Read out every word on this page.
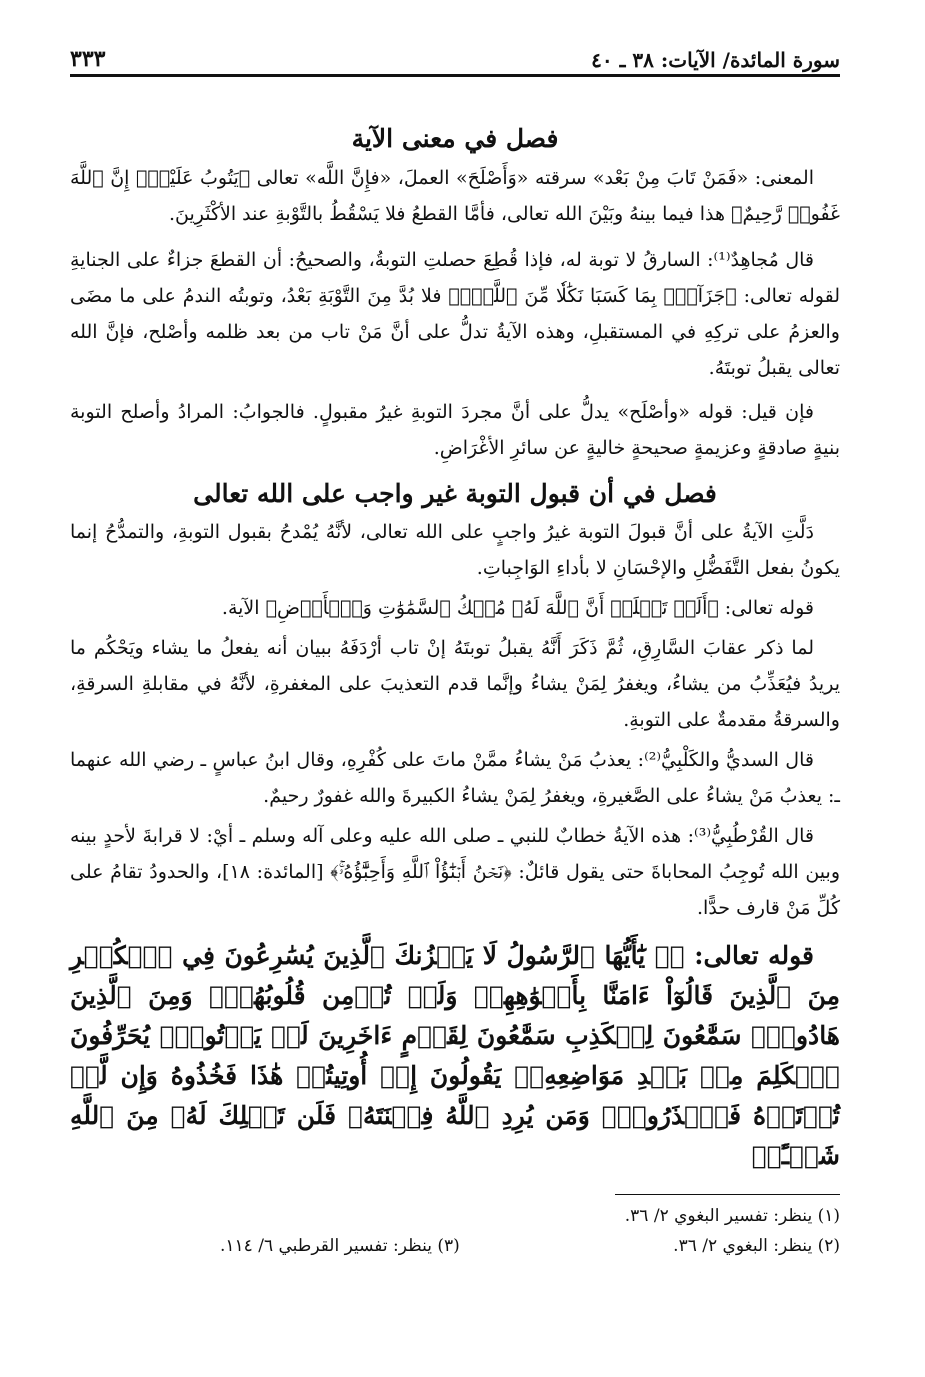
سورة المائدة/ الآيات: ٣٨ ـ ٤٠
٣٣٣
فصل في معنى الآية

المعنى: «فَمَنْ تَابَ مِنْ بَعْد» سرقته «وَأَصْلَحَ» العملَ، «فإِنَّ اللَّه» تعالى ﴿يَتُوبُ عَلَيْهِۗ إِنَّ ٱللَّهَ غَفُورٞ رَّحِيمٌ﴾ هذا فيما بينهُ وبَيْنَ الله تعالى، فأمَّا القطعُ فلا يَسْقُطُ بالتَّوْبةِ عند الأكْثَرِينَ.

قال مُجاهِدٌ⁽¹⁾: السارقُ لا توبة له، فإذا قُطِعَ حصلتِ التوبةُ، والصحيحُ: أن القطعَ جزاءٌ على الجنايةِ لقوله تعالى: ﴿جَزَآءَۢ بِمَا كَسَبَا نَكَٰلٗا مِّنَ ٱللَّهِۗ﴾ فلا بُدَّ مِنَ التَّوْبَةِ بَعْدُ، وتوبتُه الندمُ على ما مضَى والعزمُ على تركِهِ في المستقبلِ، وهذه الآيةُ تدلُّ على أنَّ مَنْ تاب من بعد ظلمه وأصْلح، فإنَّ الله تعالى يقبلُ توبتَهُ.

فإن قيل: قوله «وأصْلَح» يدلُّ على أنَّ مجردَ التوبةِ غيرُ مقبولٍ. فالجوابُ: المرادُ وأصلح التوبة بنيةٍ صادقةٍ وعزيمةٍ صحيحةٍ خاليةٍ عن سائرِ الأغْرَاضِ.

فصل في أن قبول التوبة غير واجب على الله تعالى

دَلَّتِ الآيةُ على أنَّ قبولَ التوبة غيرُ واجبٍ على الله تعالى، لأنَّهُ يُمْدحُ بقبول التوبةِ، والتمدُّحُ إنما يكونُ بفعل التَّفَضُّلِ والإحْسَانِ لا بأداءِ الوَاجِباتِ.

قوله تعالى: ﴿أَلَمۡ تَعۡلَمۡ أَنَّ ٱللَّهَ لَهُۥ مُلۡكُ ٱلسَّمَٰوَٰتِ وَٱلۡأَرۡضِ﴾ الآية.

لما ذكر عقابَ السَّارِقِ، ثُمَّ ذَكَرَ أَنَّهُ يقبلُ توبتَهُ إنْ تاب أرْدَفَهُ ببيان أنه يفعلُ ما يشاء ويَحْكُم ما يريدُ فيُعَذِّبُ من يشاءُ، ويغفرُ لِمَنْ يشاءُ وإنَّما قدم التعذيبَ على المغفرةِ، لأنَّهُ في مقابلةِ السرقةِ، والسرقةُ مقدمةٌ على التوبةِ.

قال السديُّ والكَلْبِيُّ⁽²⁾: يعذبُ مَنْ يشاءُ ممَّنْ ماتَ على كُفْرِهِ، وقال ابنُ عباسٍ ـ رضي الله عنهما ـ: يعذبُ مَنْ يشاءُ على الصَّغيرةِ، ويغفرُ لِمَنْ يشاءُ الكبيرةَ والله غفورٌ رحيمٌ.

قال القُرْطُبِيُّ⁽³⁾: هذه الآيةُ خطابٌ للنبي ـ صلى الله عليه وعلى آله وسلم ـ أيْ: لا قرابةَ لأحدٍ بينه وبين الله تُوجِبُ المحاباةَ حتى يقول قائلٌ: ﴿نَحۡنُ أَبۡنَٰٓؤُاْ ٱللَّهِ وَأَحِبَّٰٓؤُهُۥۚ﴾ [المائدة: ١٨]، والحدودُ تقامُ على كُلِّ مَنْ قارف حدًّا.

قوله تعالى: ﴿۞ يَٰٓأَيُّهَا ٱلرَّسُولُ لَا يَحۡزُنكَ ٱلَّذِينَ يُسَٰرِعُونَ فِي ٱلۡكُفۡرِ مِنَ ٱلَّذِينَ قَالُوٓاْ ءَامَنَّا بِأَفۡوَٰهِهِمۡ وَلَمۡ تُؤۡمِن قُلُوبُهُمۡۛ وَمِنَ ٱلَّذِينَ هَادُواْۛ سَمَّٰعُونَ لِلۡكَذِبِ سَمَّٰعُونَ لِقَوۡمٍ ءَاخَرِينَ لَمۡ يَأۡتُوكَۖ يُحَرِّفُونَ ٱلۡكَلِمَ مِنۢ بَعۡدِ مَوَاضِعِهِۦۖ يَقُولُونَ إِنۡ أُوتِيتُمۡ هَٰذَا فَخُذُوهُ وَإِن لَّمۡ تُؤۡتَوۡهُ فَٱحۡذَرُواْۚ وَمَن يُرِدِ ٱللَّهُ فِتۡنَتَهُۥ فَلَن تَمۡلِكَ لَهُۥ مِنَ ٱللَّهِ شَيۡـًٔاۚ

(١) ينظر: تفسير البغوي ٢/ ٣٦.
(٢) ينظر: البغوي ٢/ ٣٦.
(٣) ينظر: تفسير القرطبي ٦/ ١١٤.
